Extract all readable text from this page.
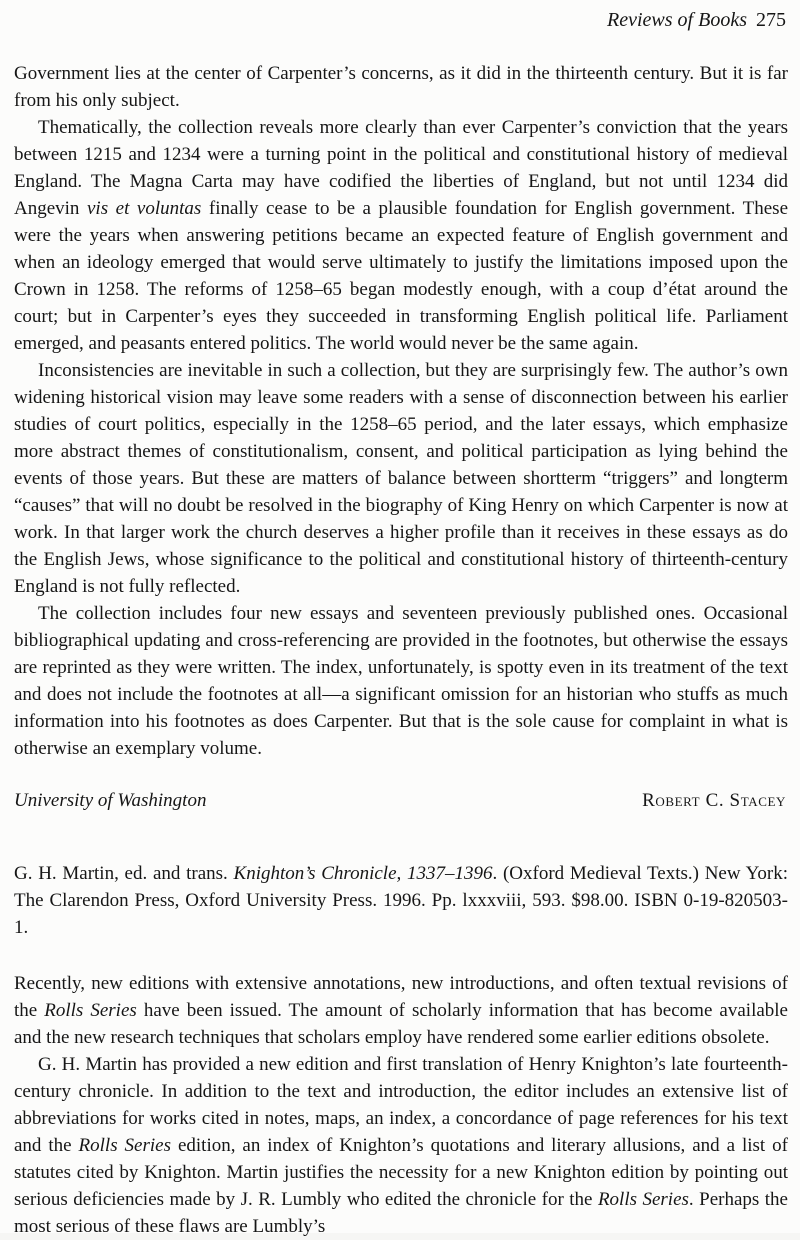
Reviews of Books 275

Government lies at the center of Carpenter’s concerns, as it did in the thirteenth century. But it is far from his only subject.

Thematically, the collection reveals more clearly than ever Carpenter’s conviction that the years between 1215 and 1234 were a turning point in the political and constitutional history of medieval England. The Magna Carta may have codified the liberties of England, but not until 1234 did Angevin vis et voluntas finally cease to be a plausible foundation for English government. These were the years when answering petitions became an expected feature of English government and when an ideology emerged that would serve ultimately to justify the limitations imposed upon the Crown in 1258. The reforms of 1258–65 began modestly enough, with a coup d’état around the court; but in Carpenter’s eyes they succeeded in transforming English political life. Parliament emerged, and peasants entered politics. The world would never be the same again.

Inconsistencies are inevitable in such a collection, but they are surprisingly few. The author’s own widening historical vision may leave some readers with a sense of disconnection between his earlier studies of court politics, especially in the 1258–65 period, and the later essays, which emphasize more abstract themes of constitutionalism, consent, and political participation as lying behind the events of those years. But these are matters of balance between shortterm “triggers” and longterm “causes” that will no doubt be resolved in the biography of King Henry on which Carpenter is now at work. In that larger work the church deserves a higher profile than it receives in these essays as do the English Jews, whose significance to the political and constitutional history of thirteenth-century England is not fully reflected.

The collection includes four new essays and seventeen previously published ones. Occasional bibliographical updating and cross-referencing are provided in the footnotes, but otherwise the essays are reprinted as they were written. The index, unfortunately, is spotty even in its treatment of the text and does not include the footnotes at all—a significant omission for an historian who stuffs as much information into his footnotes as does Carpenter. But that is the sole cause for complaint in what is otherwise an exemplary volume.

University of Washington	Robert C. Stacey

G. H. Martin, ed. and trans. Knighton’s Chronicle, 1337–1396. (Oxford Medieval Texts.) New York: The Clarendon Press, Oxford University Press. 1996. Pp. lxxxviii, 593. $98.00. ISBN 0-19-820503-1.

Recently, new editions with extensive annotations, new introductions, and often textual revisions of the Rolls Series have been issued. The amount of scholarly information that has become available and the new research techniques that scholars employ have rendered some earlier editions obsolete.

G. H. Martin has provided a new edition and first translation of Henry Knighton’s late fourteenth-century chronicle. In addition to the text and introduction, the editor includes an extensive list of abbreviations for works cited in notes, maps, an index, a concordance of page references for his text and the Rolls Series edition, an index of Knighton’s quotations and literary allusions, and a list of statutes cited by Knighton. Martin justifies the necessity for a new Knighton edition by pointing out serious deficiencies made by J. R. Lumbly who edited the chronicle for the Rolls Series. Perhaps the most serious of these flaws are Lumbly’s
